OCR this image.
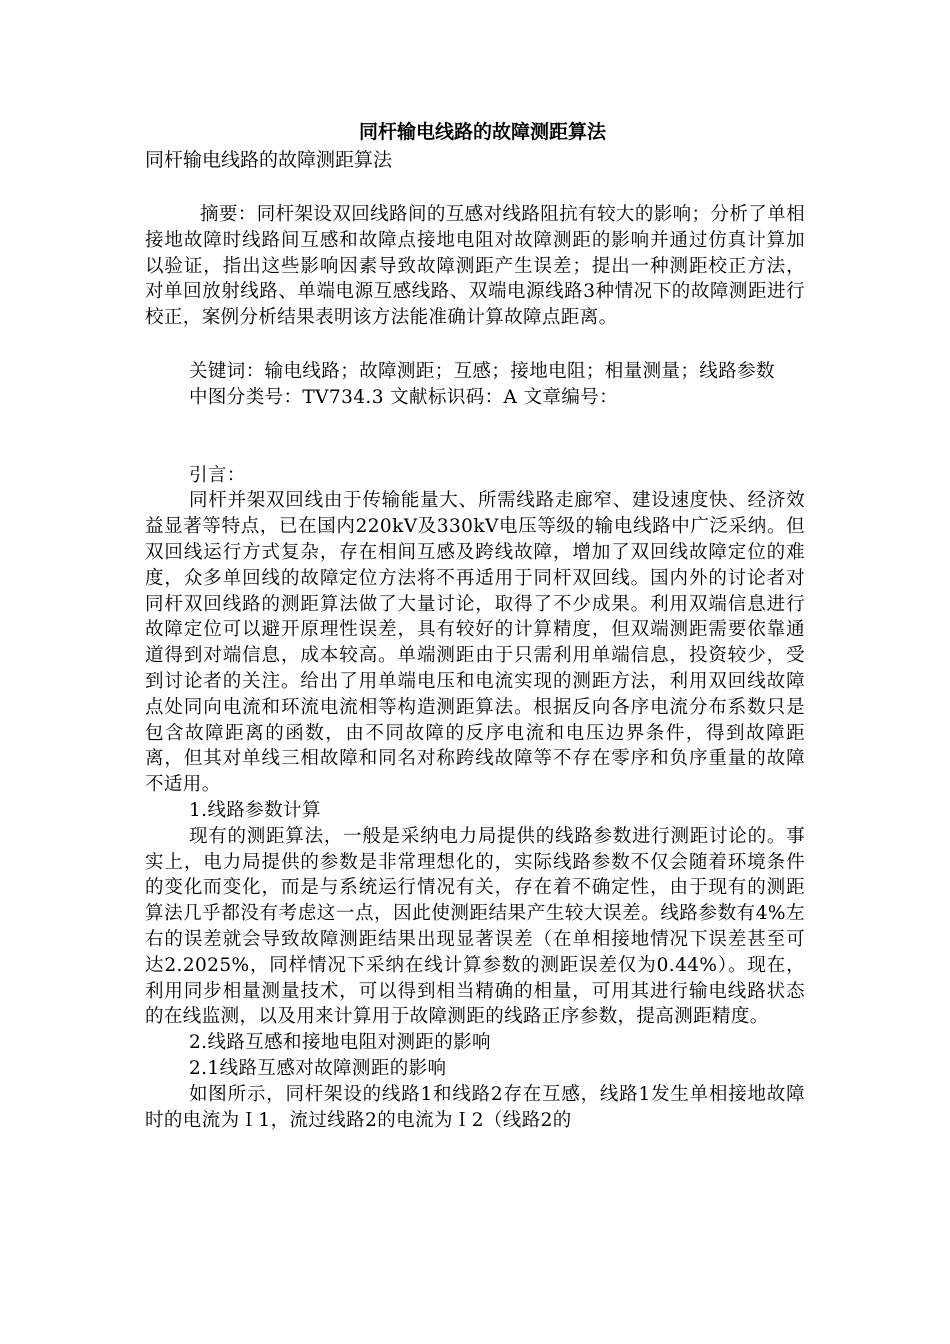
同杆输电线路的故障测距算法

同杆输电线路的故障测距算法

摘要：同杆架设双回线路间的互感对线路阻抗有较大的影响；分析了单相接地故障时线路间互感和故障点接地电阻对故障测距的影响并通过仿真计算加以验证，指出这些影响因素导致故障测距产生误差；提出一种测距校正方法，对单回放射线路、单端电源互感线路、双端电源线路3种情况下的故障测距进行校正，案例分析结果表明该方法能准确计算故障点距离。

关键词：输电线路；故障测距；互感；接地电阻；相量测量；线路参数

中图分类号：TV734.3 文献标识码：A 文章编号：

引言：

同杆并架双回线由于传输能量大、所需线路走廊窄、建设速度快、经济效益显著等特点，已在国内220kV及330kV电压等级的输电线路中广泛采纳。但双回线运行方式复杂，存在相间互感及跨线故障，增加了双回线故障定位的难度，众多单回线的故障定位方法将不再适用于同杆双回线。国内外的讨论者对同杆双回线路的测距算法做了大量讨论，取得了不少成果。利用双端信息进行故障定位可以避开原理性误差，具有较好的计算精度，但双端测距需要依靠通道得到对端信息，成本较高。单端测距由于只需利用单端信息，投资较少，受到讨论者的关注。给出了用单端电压和电流实现的测距方法，利用双回线故障点处同向电流和环流电流相等构造测距算法。根据反向各序电流分布系数只是包含故障距离的函数，由不同故障的反序电流和电压边界条件，得到故障距离，但其对单线三相故障和同名对称跨线故障等不存在零序和负序重量的故障不适用。

1.线路参数计算

现有的测距算法，一般是采纳电力局提供的线路参数进行测距讨论的。事实上，电力局提供的参数是非常理想化的，实际线路参数不仅会随着环境条件的变化而变化，而是与系统运行情况有关，存在着不确定性，由于现有的测距算法几乎都没有考虑这一点，因此使测距结果产生较大误差。线路参数有4%左右的误差就会导致故障测距结果出现显著误差（在单相接地情况下误差甚至可达2.2025%，同样情况下采纳在线计算参数的测距误差仅为0.44%）。现在，利用同步相量测量技术，可以得到相当精确的相量，可用其进行输电线路状态的在线监测，以及用来计算用于故障测距的线路正序参数，提高测距精度。

2.线路互感和接地电阻对测距的影响

2.1线路互感对故障测距的影响

如图所示，同杆架设的线路1和线路2存在互感，线路1发生单相接地故障时的电流为Ｉ1，流过线路2的电流为Ｉ2（线路2的
